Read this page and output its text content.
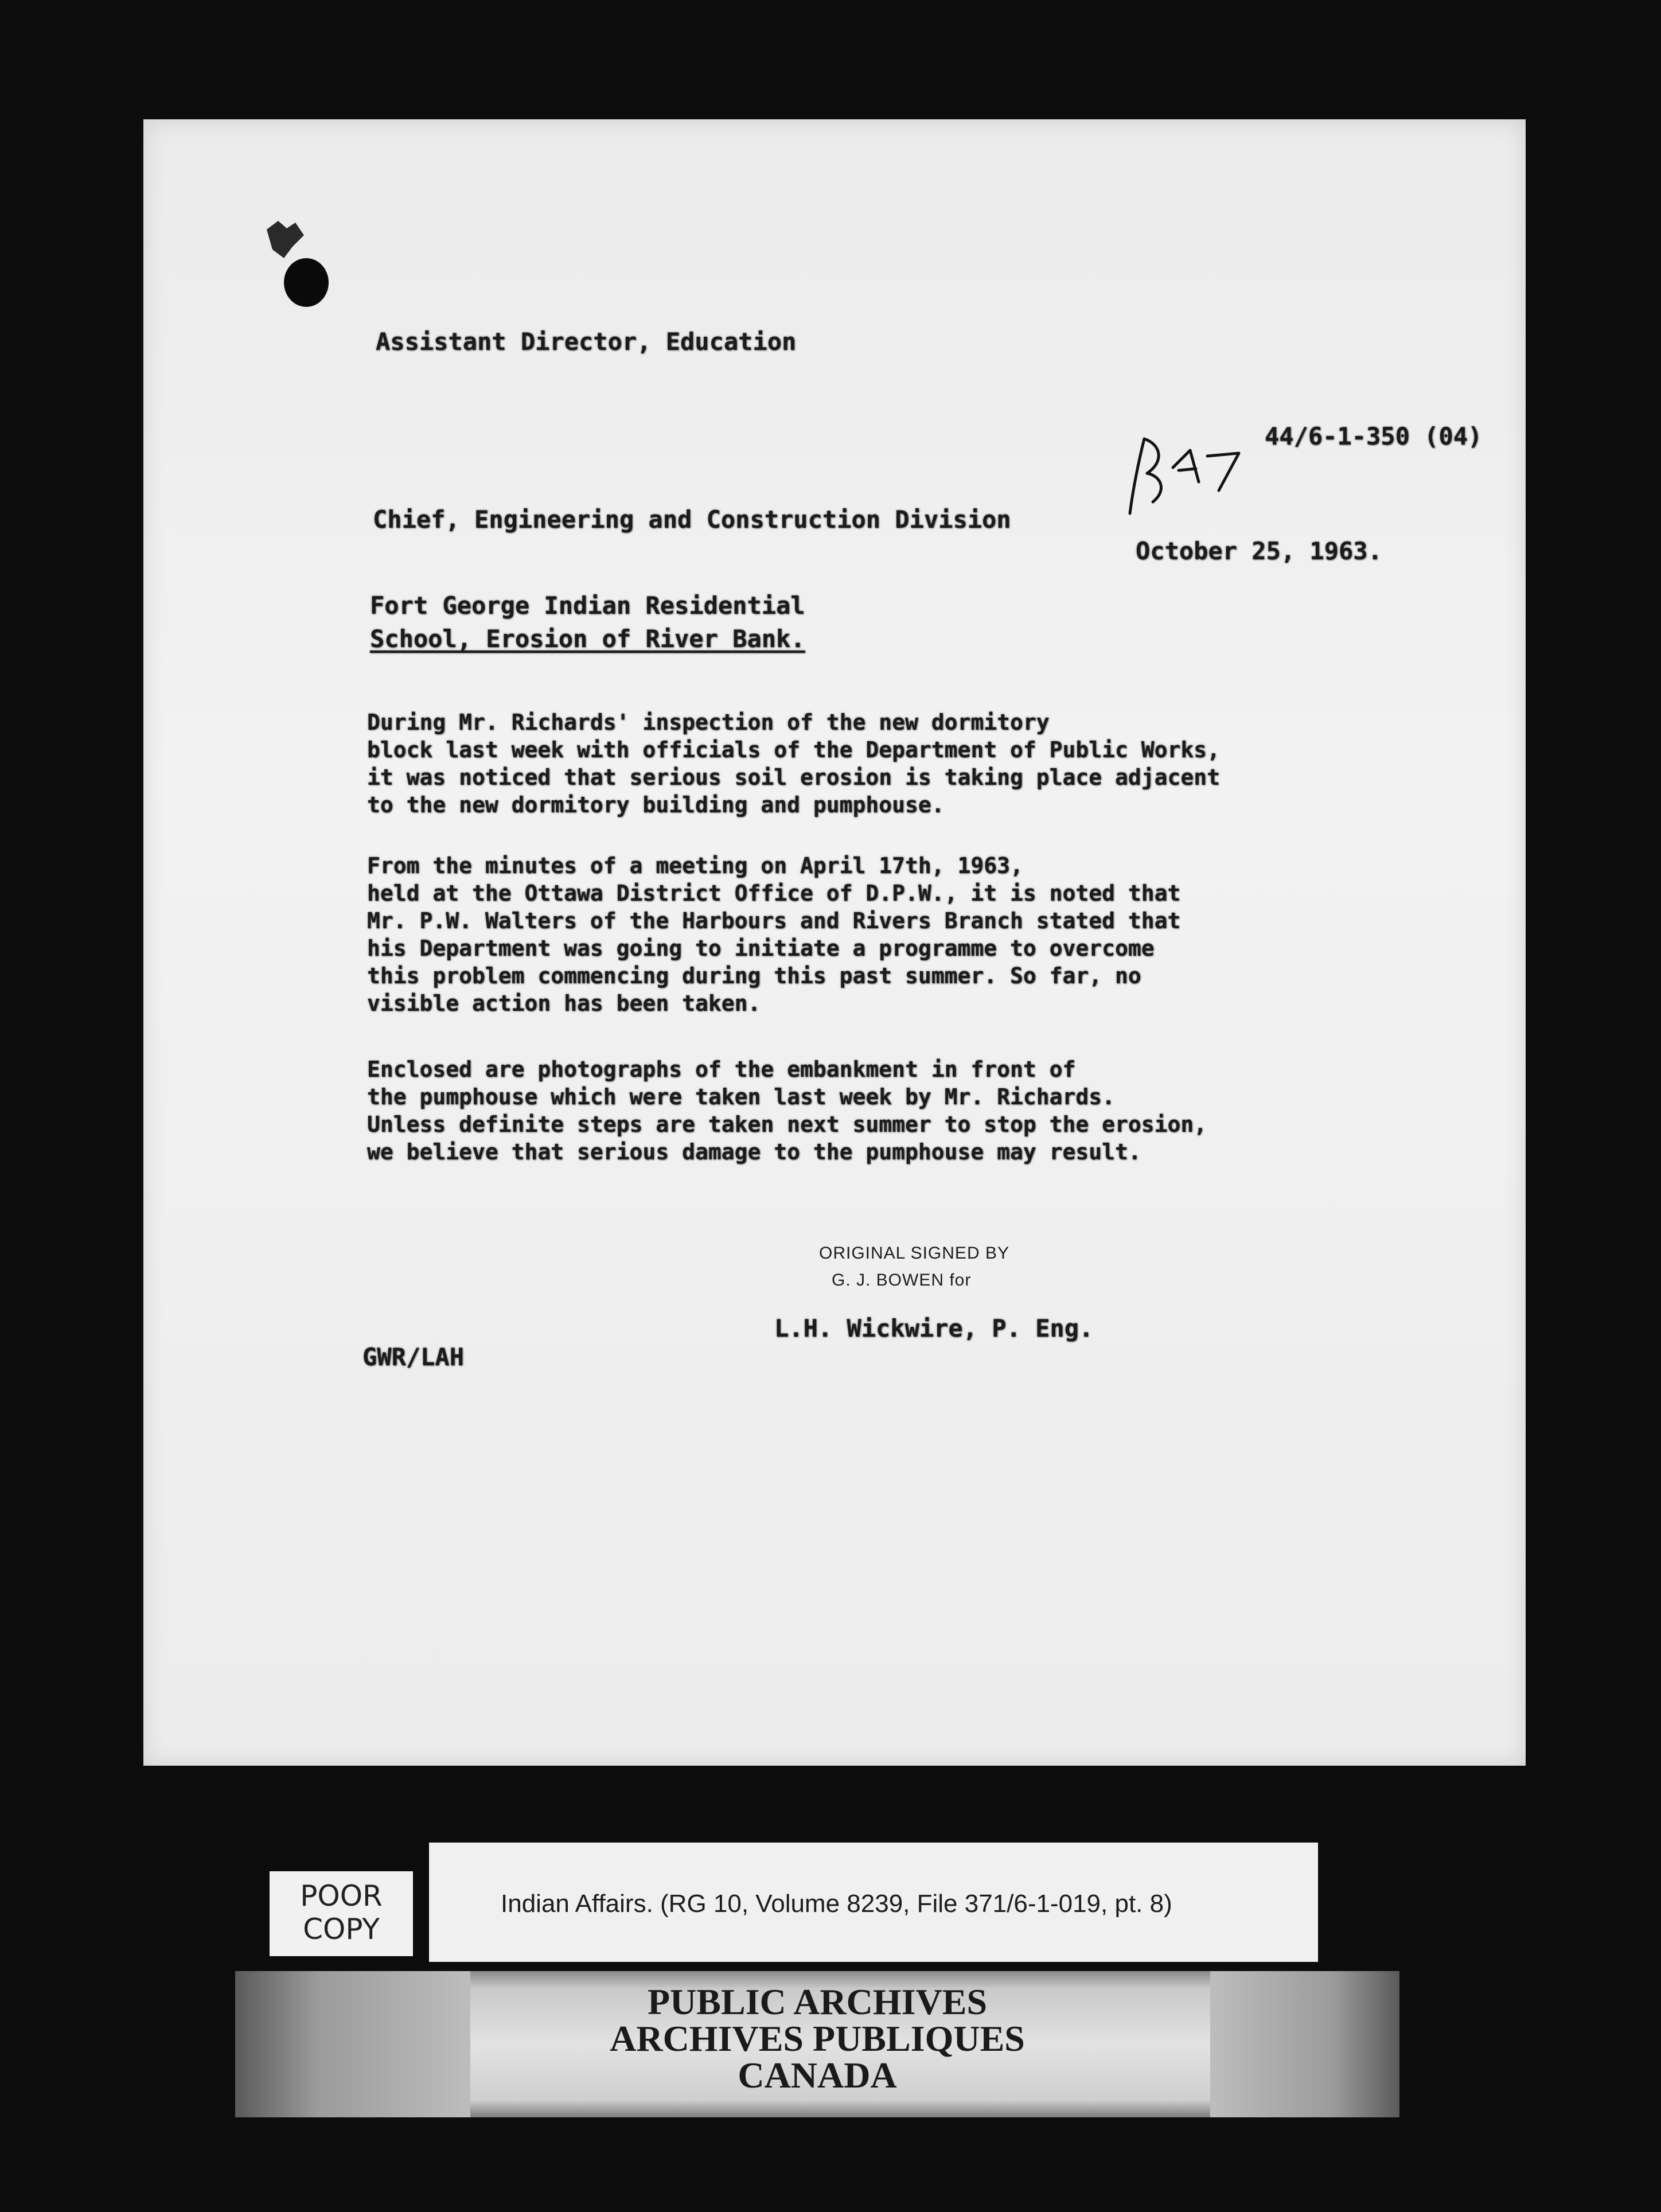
Assistant Director, Education
44/6-1-350 (04)
Chief, Engineering and Construction Division
October 25, 1963.
Fort George Indian Residential
School, Erosion of River Bank.
During Mr. Richards' inspection of the new dormitory
block last week with officials of the Department of Public Works,
it was noticed that serious soil erosion is taking place adjacent
to the new dormitory building and pumphouse.
From the minutes of a meeting on April 17th, 1963,
held at the Ottawa District Office of D.P.W., it is noted that
Mr. P.W. Walters of the Harbours and Rivers Branch stated that
his Department was going to initiate a programme to overcome
this problem commencing during this past summer. So far, no
visible action has been taken.
Enclosed are photographs of the embankment in front of
the pumphouse which were taken last week by Mr. Richards.
Unless definite steps are taken next summer to stop the erosion,
we believe that serious damage to the pumphouse may result.
ORIGINAL SIGNED BY
G. J. BOWEN for
L.H. Wickwire, P. Eng.
GWR/LAH
POOR
COPY
Indian Affairs. (RG 10, Volume 8239, File 371/6-1-019, pt. 8)
PUBLIC ARCHIVES
ARCHIVES PUBLIQUES
CANADA
